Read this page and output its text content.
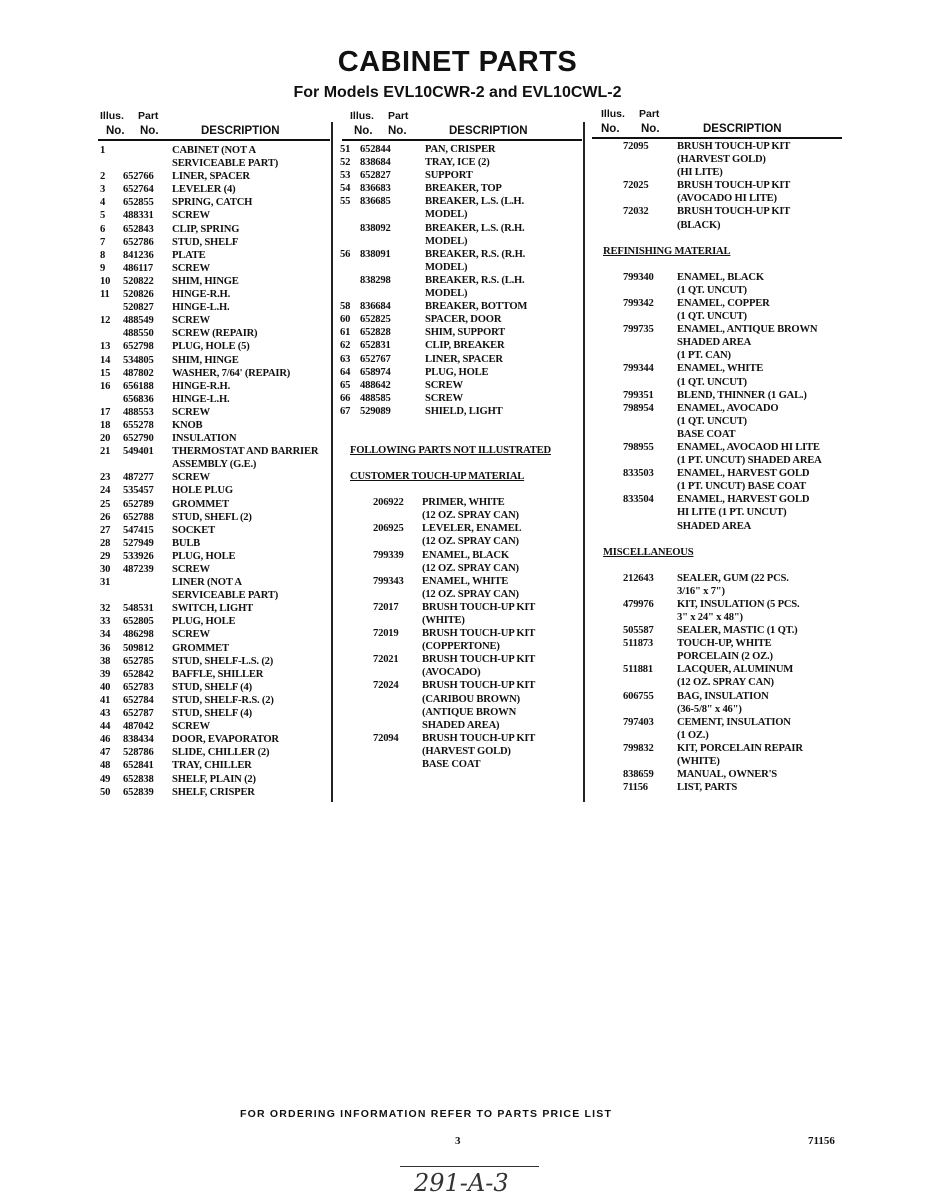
CABINET PARTS
For Models EVL10CWR-2 and EVL10CWL-2
Illus. Part
No. No.	DESCRIPTION
Illus. Part
No. No.	DESCRIPTION
Illus. Part
No. No.	DESCRIPTION
1	CABINET (NOT A
SERVICEABLE PART)
2 652766 LINER, SPACER
3 652764 LEVELER (4)
4 652855 SPRING, CATCH
5 488331 SCREW
6 652843 CLIP, SPRING
7 652786 STUD, SHELF
8 841236 PLATE
9 486117 SCREW
10 520822 SHIM, HINGE
11 520826 HINGE-R.H.
520827 HINGE-L.H.
12 488549 SCREW
488550 SCREW (REPAIR)
13 652798 PLUG, HOLE (5)
14 534805 SHIM, HINGE
15 487802 WASHER, 7/64' (REPAIR)
16 656188 HINGE-R.H.
656836 HINGE-L.H.
17 488553 SCREW
18 655278 KNOB
20 652790 INSULATION
21 549401 THERMOSTAT AND BARRIER
ASSEMBLY (G.E.)
23 487277 SCREW
24 535457 HOLE PLUG
25 652789 GROMMET
26 652788 STUD, SHEFL (2)
27 547415 SOCKET
28 527949 BULB
29 533926 PLUG, HOLE
30 487239 SCREW
31	LINER (NOT A
SERVICEABLE PART)
32 548531 SWITCH, LIGHT
33 652805 PLUG, HOLE
34 486298 SCREW
36 509812 GROMMET
38 652785 STUD, SHELF-L.S. (2)
39 652842 BAFFLE, SHILLER
40 652783 STUD, SHELF (4)
41 652784 STUD, SHELF-R.S. (2)
43 652787 STUD, SHELF (4)
44 487042 SCREW
46 838434 DOOR, EVAPORATOR
47 528786 SLIDE, CHILLER (2)
48 652841 TRAY, CHILLER
49 652838 SHELF, PLAIN (2)
50 652839 SHELF, CRISPER
51 652844	PAN, CRISPER
52 838684	TRAY, ICE (2)
53 652827	SUPPORT
54 836683	BREAKER, TOP
55 836685	BREAKER, L.S. (L.H.
MODEL)
838092	BREAKER, L.S. (R.H.
MODEL)
56 838091	BREAKER, R.S. (R.H.
MODEL)
838298	BREAKER, R.S. (L.H.
MODEL)
58 836684	BREAKER, BOTTOM
60 652825	SPACER, DOOR
61 652828	SHIM, SUPPORT
62 652831	CLIP, BREAKER
63 652767	LINER, SPACER
64 658974	PLUG, HOLE
65 488642	SCREW
66 488585	SCREW
67 529089	SHIELD, LIGHT
FOLLOWING PARTS NOT ILLUSTRATED
CUSTOMER TOUCH-UP MATERIAL
206922 PRIMER, WHITE
(12 OZ. SPRAY CAN)
206925 LEVELER, ENAMEL
(12 OZ. SPRAY CAN)
799339 ENAMEL, BLACK
(12 OZ. SPRAY CAN)
799343 ENAMEL, WHITE
(12 OZ. SPRAY CAN)
72017 BRUSH TOUCH-UP KIT
(WHITE)
72019 BRUSH TOUCH-UP KIT
(COPPERTONE)
72021 BRUSH TOUCH-UP KIT
(AVOCADO)
72024 BRUSH TOUCH-UP KIT
(CARIBOU BROWN)
(ANTIQUE BROWN
SHADED AREA)
72094 BRUSH TOUCH-UP KIT
(HARVEST GOLD)
BASE COAT
72095	BRUSH TOUCH-UP KIT
(HARVEST GOLD)
(HI LITE)
72025	BRUSH TOUCH-UP KIT
(AVOCADO HI LITE)
72032	BRUSH TOUCH-UP KIT
(BLACK)
REFINISHING MATERIAL
799340 ENAMEL, BLACK
(1 QT. UNCUT)
799342 ENAMEL, COPPER
(1 QT. UNCUT)
799735 ENAMEL, ANTIQUE BROWN
SHADED AREA
(1 PT. CAN)
799344 ENAMEL, WHITE
(1 QT. UNCUT)
799351 BLEND, THINNER (1 GAL.)
798954 ENAMEL, AVOCADO
(1 QT. UNCUT)
BASE COAT
798955 ENAMEL, AVOCAOD HI LITE
(1 PT. UNCUT) SHADED AREA
833503 ENAMEL, HARVEST GOLD
(1 PT. UNCUT) BASE COAT
833504 ENAMEL, HARVEST GOLD
HI LITE (1 PT. UNCUT)
SHADED AREA
MISCELLANEOUS
212643 SEALER, GUM (22 PCS.
3/16" x 7")
479976 KIT, INSULATION (5 PCS.
3" x 24" x 48")
505587 SEALER, MASTIC (1 QT.)
511873 TOUCH-UP, WHITE
PORCELAIN (2 OZ.)
511881 LACQUER, ALUMINUM
(12 OZ. SPRAY CAN)
606755 BAG, INSULATION
(36-5/8" x 46")
797403 CEMENT, INSULATION
(1 OZ.)
799832 KIT, PORCELAIN REPAIR
(WHITE)
838659 MANUAL, OWNER'S
71156	LIST, PARTS
FOR ORDERING INFORMATION REFER TO PARTS PRICE LIST
3	71156
291-A-3
